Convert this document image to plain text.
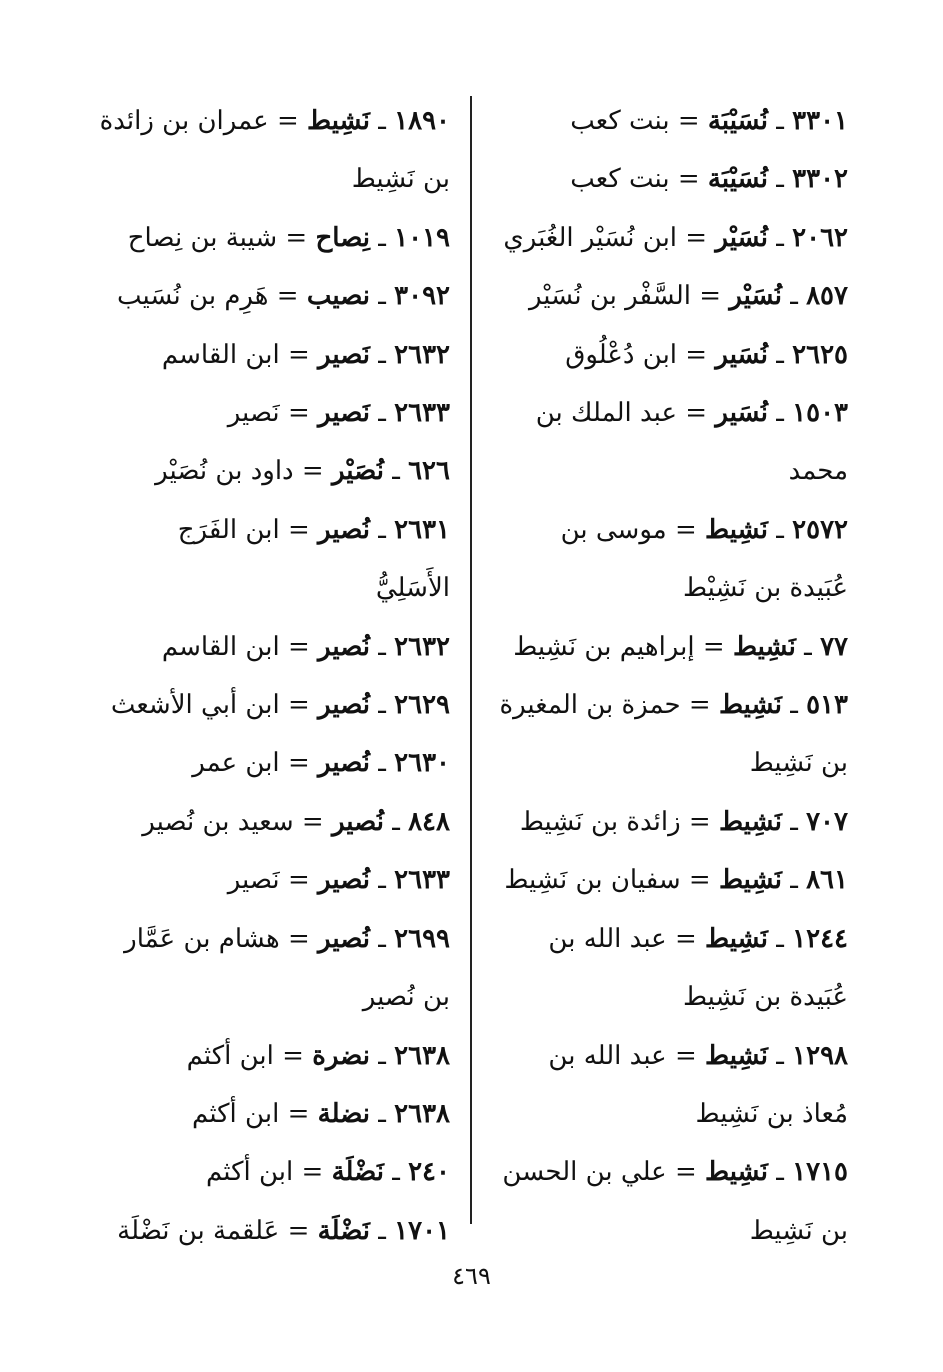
٣٣٠١ ـ نُسَيْبَة = بنت كعب

٣٣٠٢ ـ نُسَيْبَة = بنت كعب

٢٠٦٢ ـ نُسَيْر = ابن نُسَيْر الغُبَري

٨٥٧ ـ نُسَيْر = السَّفْر بن نُسَيْر

٢٦٢٥ ـ نُسَير = ابن دُعْلُوق

١٥٠٣ ـ نُسَير = عبد الملك بن محمد

٢٥٧٢ ـ نَشِيط = موسى بن عُبَيدة بن نَشِيْط

٧٧ ـ نَشِيط = إبراهيم بن نَشِيط

٥١٣ ـ نَشِيط = حمزة بن المغيرة بن نَشِيط

٧٠٧ ـ نَشِيط = زائدة بن نَشِيط

٨٦١ ـ نَشِيط = سفيان بن نَشِيط

١٢٤٤ ـ نَشِيط = عبد الله بن عُبَيدة بن نَشِيط

١٢٩٨ ـ نَشِيط = عبد الله بن مُعاذ بن نَشِيط

١٧١٥ ـ نَشِيط = علي بن الحسن بن نَشِيط

١٨٩٠ ـ نَشِيط = عمران بن زائدة بن نَشِيط

١٠١٩ ـ نِصاح = شيبة بن نِصاح

٣٠٩٢ ـ نصيب = هَرِم بن نُسَيب

٢٦٣٢ ـ نَصير = ابن القاسم

٢٦٣٣ ـ نَصير = نَصير

٦٢٦ ـ نُصَيْر = داود بن نُصَيْر

٢٦٣١ ـ نُصير = ابن الفَرَج الأَسَلِيُّ

٢٦٣٢ ـ نُصير = ابن القاسم

٢٦٢٩ ـ نُصير = ابن أبي الأشعث

٢٦٣٠ ـ نُصير = ابن عمر

٨٤٨ ـ نُصير = سعيد بن نُصير

٢٦٣٣ ـ نُصير = نَصير

٢٦٩٩ ـ نُصير = هشام بن عَمَّار بن نُصير

٢٦٣٨ ـ نضرة = ابن أكثم

٢٦٣٨ ـ نضلة = ابن أكثم

٢٤٠ ـ نَضْلَة = ابن أكثم

١٧٠١ ـ نَضْلَة = عَلقمة بن نَضْلَة

٤٦٩
